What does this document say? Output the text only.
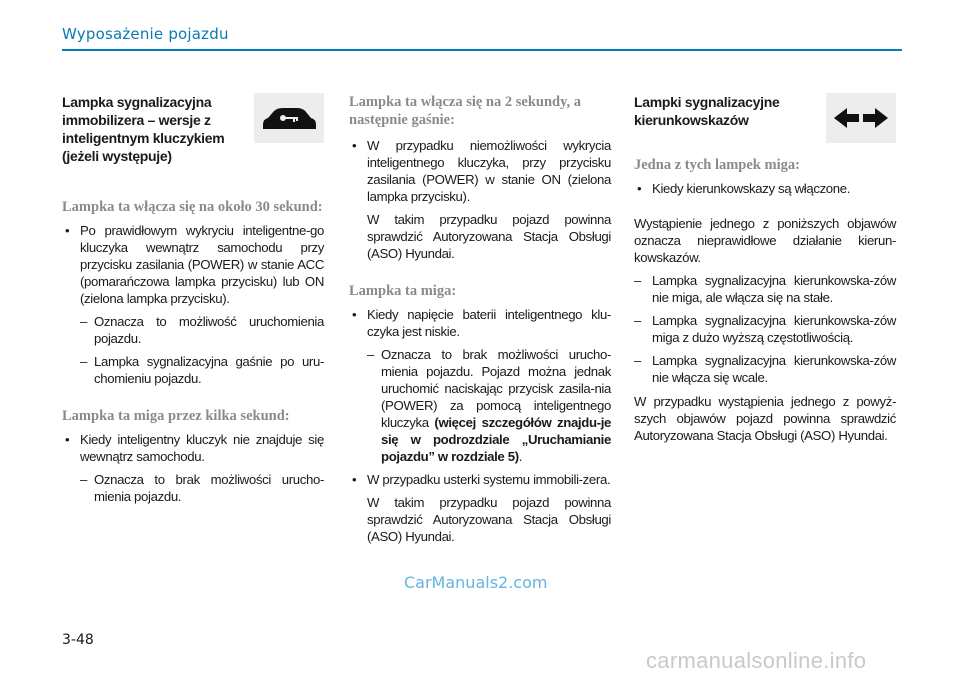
Wyposażenie pojazdu
Lampka sygnalizacyjna immobilizera – wersje z inteligentnym kluczykiem (jeżeli występuje)
Lampka ta włącza się na około 30 sekund:
• Po prawidłowym wykryciu inteligentne-go kluczyka wewnątrz samochodu przy przycisku zasilania (POWER) w stanie ACC (pomarańczowa lampka przycisku) lub ON (zielona lampka przycisku).
– Oznacza to możliwość uruchomienia pojazdu.
– Lampka sygnalizacyjna gaśnie po uru-chomieniu pojazdu.
Lampka ta miga przez kilka sekund:
• Kiedy inteligentny kluczyk nie znajduje się wewnątrz samochodu.
– Oznacza to brak możliwości urucho-mienia pojazdu.
Lampka ta włącza się na 2 sekundy, a następnie gaśnie:
• W przypadku niemożliwości wykrycia inteligentnego kluczyka, przy przycisku zasilania (POWER) w stanie ON (zielona lampka przycisku).
W takim przypadku pojazd powinna sprawdzić Autoryzowana Stacja Obsługi (ASO) Hyundai.
Lampka ta miga:
• Kiedy napięcie baterii inteligentnego klu-czyka jest niskie.
– Oznacza to brak możliwości urucho-mienia pojazdu. Pojazd można jednak uruchomić naciskając przycisk zasila-nia (POWER) za pomocą inteligentnego kluczyka (więcej szczegółów znajdu-je się w podrozdziale „Uruchamianie pojazdu” w rozdziale 5).
• W przypadku usterki systemu immobili-zera.
W takim przypadku pojazd powinna sprawdzić Autoryzowana Stacja Obsługi (ASO) Hyundai.
Lampki sygnalizacyjne kierunkowskazów
Jedna z tych lampek miga:
• Kiedy kierunkowskazy są włączone.
Wystąpienie jednego z poniższych objawów oznacza nieprawidłowe działanie kierun-kowskazów.
– Lampka sygnalizacyjna kierunkowska-zów nie miga, ale włącza się na stałe.
– Lampka sygnalizacyjna kierunkowska-zów miga z dużo wyższą częstotliwością.
– Lampka sygnalizacyjna kierunkowska-zów nie włącza się wcale.
W przypadku wystąpienia jednego z powyż-szych objawów pojazd powinna sprawdzić Autoryzowana Stacja Obsługi (ASO) Hyundai.
CarManuals2.com
3-48
carmanualsonline.info
